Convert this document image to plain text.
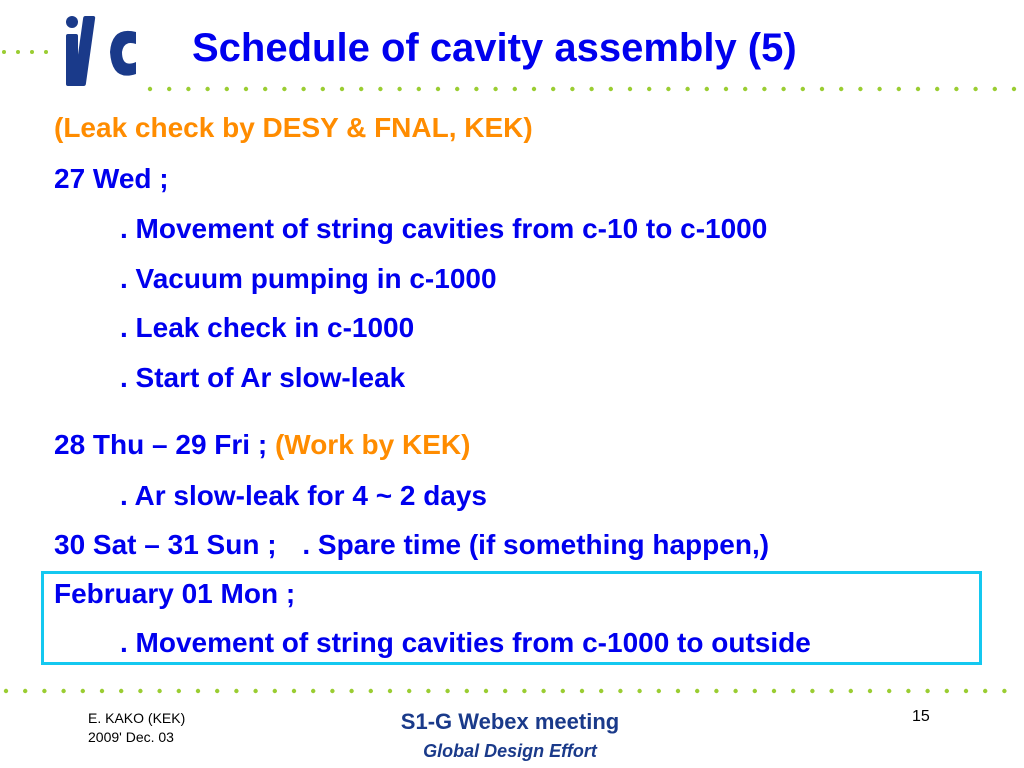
Schedule of cavity assembly (5)
(Leak check by DESY & FNAL, KEK)
27 Wed ;
. Movement of string cavities from c-10 to c-1000
. Vacuum pumping in c-1000
. Leak check in c-1000
. Start of Ar slow-leak
28 Thu – 29 Fri ; (Work by KEK)
. Ar slow-leak for 4 ~ 2 days
30 Sat – 31 Sun ; . Spare time (if something happen,)
February 01 Mon ;
. Movement of string cavities from c-1000 to outside
E. KAKO (KEK)
2009' Dec. 03
S1-G Webex meeting
Global Design Effort
15
